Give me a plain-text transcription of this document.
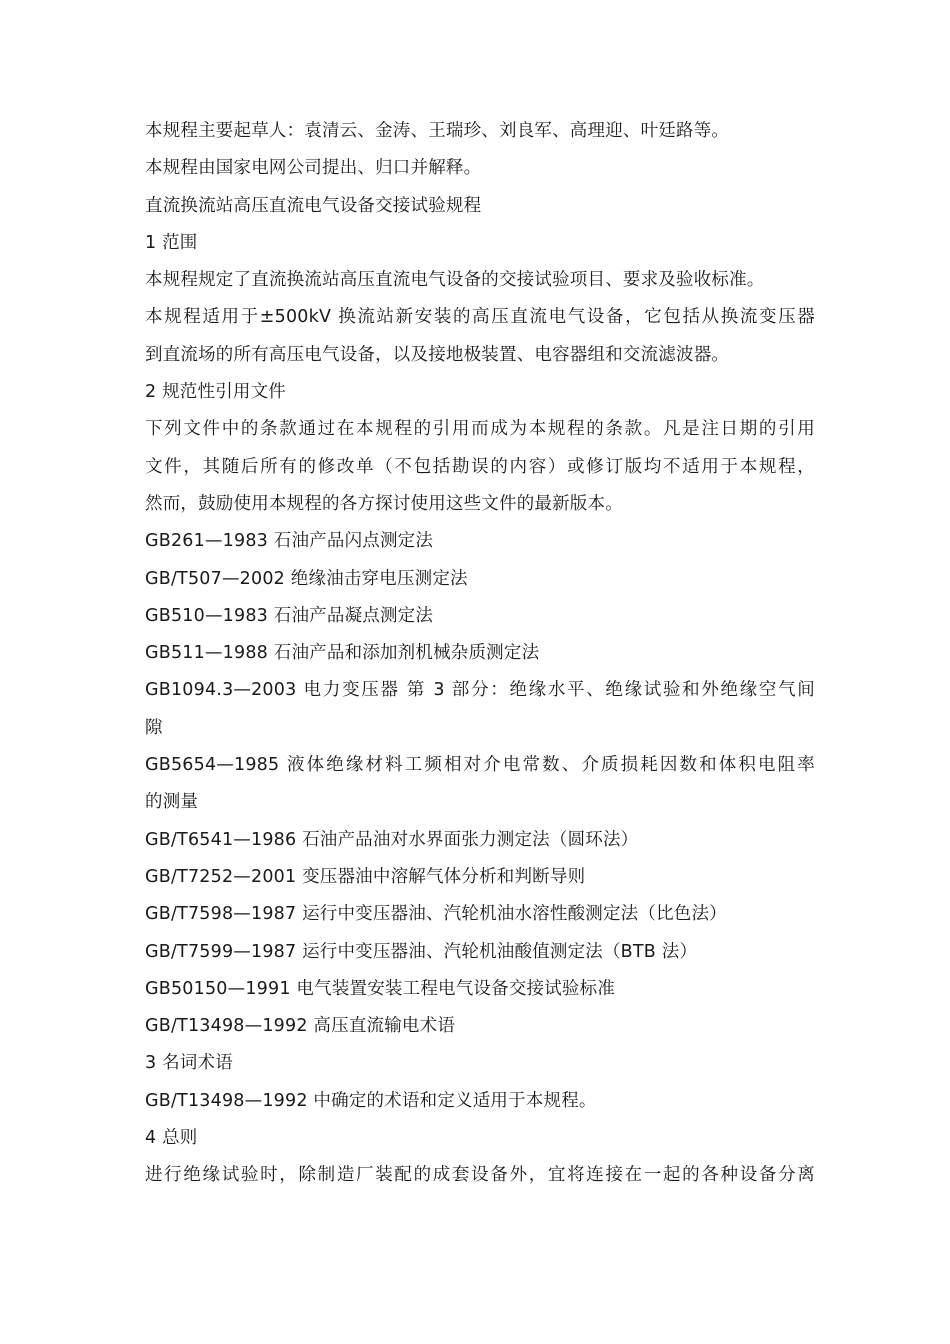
本规程主要起草人：袁清云、金涛、王瑞珍、刘良军、高理迎、叶廷路等。
本规程由国家电网公司提出、归口并解释。
直流换流站高压直流电气设备交接试验规程
1 范围
本规程规定了直流换流站高压直流电气设备的交接试验项目、要求及验收标准。
本规程适用于±500kV 换流站新安装的高压直流电气设备，它包括从换流变压器
到直流场的所有高压电气设备，以及接地极装置、电容器组和交流滤波器。
2 规范性引用文件
下列文件中的条款通过在本规程的引用而成为本规程的条款。凡是注日期的引用
文件，其随后所有的修改单（不包括勘误的内容）或修订版均不适用于本规程，
然而，鼓励使用本规程的各方探讨使用这些文件的最新版本。
GB261—1983 石油产品闪点测定法
GB/T507—2002 绝缘油击穿电压测定法
GB510—1983 石油产品凝点测定法
GB511—1988 石油产品和添加剂机械杂质测定法
GB1094.3—2003 电力变压器 第 3 部分：绝缘水平、绝缘试验和外绝缘空气间
隙
GB5654—1985 液体绝缘材料工频相对介电常数、介质损耗因数和体积电阻率
的测量
GB/T6541—1986 石油产品油对水界面张力测定法（圆环法）
GB/T7252—2001 变压器油中溶解气体分析和判断导则
GB/T7598—1987 运行中变压器油、汽轮机油水溶性酸测定法（比色法）
GB/T7599—1987 运行中变压器油、汽轮机油酸值测定法（BTB 法）
GB50150—1991 电气装置安装工程电气设备交接试验标准
GB/T13498—1992 高压直流输电术语
3 名词术语
GB/T13498—1992 中确定的术语和定义适用于本规程。
4 总则
进行绝缘试验时，除制造厂装配的成套设备外，宜将连接在一起的各种设备分离
